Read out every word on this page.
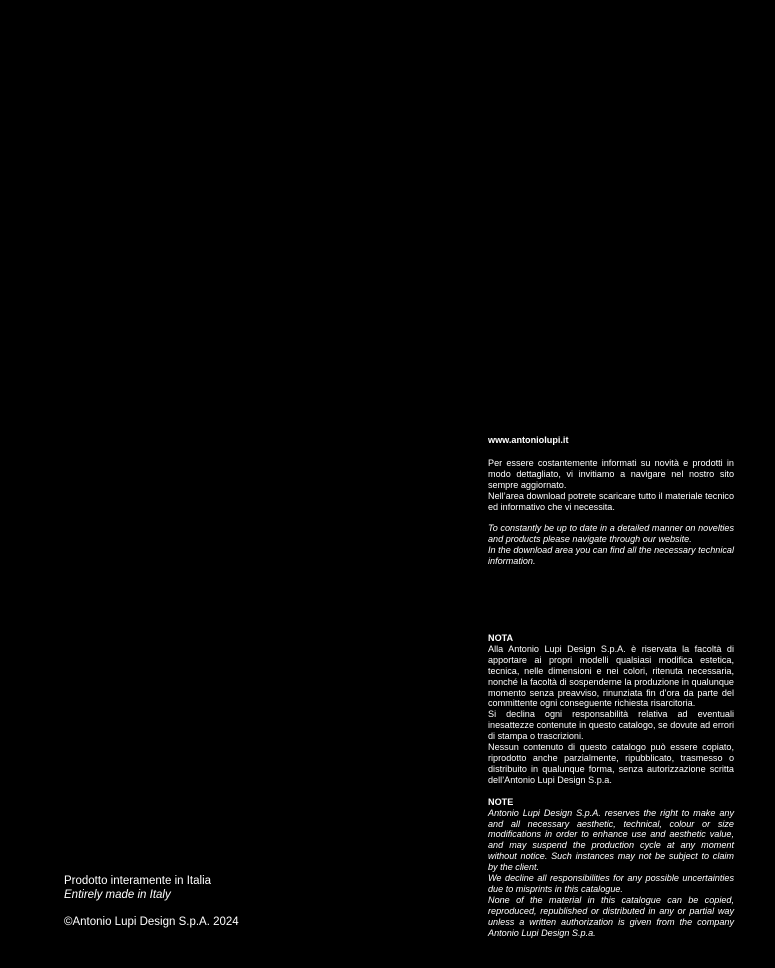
www.antoniolupi.it

Per essere costantemente informati su novità e prodotti in modo dettagliato, vi invitiamo a navigare nel nostro sito sempre aggiornato.

Nell’area download potrete scaricare tutto il materiale tecnico ed informativo che vi necessita.

To constantly be up to date in a detailed manner on novelties and products please navigate through our website.

In the download area you can find all the necessary technical information.

NOTA

Alla Antonio Lupi Design S.p.A. è riservata la facoltà di apportare ai propri modelli qualsiasi modifica estetica, tecnica, nelle dimensioni e nei colori, ritenuta necessaria, nonché la facoltà di sospenderne la produzione in qualunque momento senza preavviso, rinunziata fin d’ora da parte del committente ogni conseguente richiesta risarcitoria.

Si declina ogni responsabilità relativa ad eventuali inesattezze contenute in questo catalogo, se dovute ad errori di stampa o trascrizioni.

Nessun contenuto di questo catalogo può essere copiato, riprodotto anche parzialmente, ripubblicato, trasmesso o distribuito in qualunque forma, senza autorizzazione scritta dell’Antonio Lupi Design S.p.a.

NOTE

Antonio Lupi Design S.p.A. reserves the right to make any and all necessary aesthetic, technical, colour or size modifications in order to enhance use and aesthetic value, and may suspend the production cycle at any moment without notice. Such instances may not be subject to claim by the client.

We decline all responsibilities for any possible uncertainties due to misprints in this catalogue.

None of the material in this catalogue can be copied, reproduced, republished or distributed in any or partial way unless a written authorization is given from the company Antonio Lupi Design S.p.a.

Prodotto interamente in Italia

Entirely made in Italy

©Antonio Lupi Design S.p.A. 2024
